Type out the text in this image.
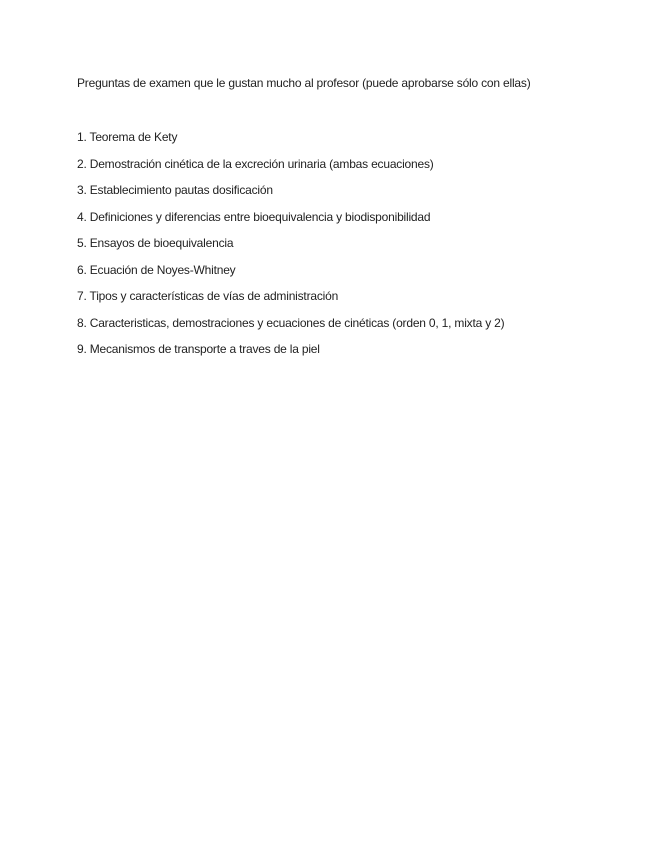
Preguntas de examen que le gustan mucho al profesor (puede aprobarse sólo con ellas)
1. Teorema de Kety
2. Demostración cinética de la excreción urinaria (ambas ecuaciones)
3. Establecimiento pautas dosificación
4. Definiciones y diferencias entre bioequivalencia y biodisponibilidad
5. Ensayos de bioequivalencia
6. Ecuación de Noyes-Whitney
7. Tipos y características de vías de administración
8. Caracteristicas, demostraciones y ecuaciones de cinéticas (orden 0, 1, mixta y 2)
9. Mecanismos de transporte a traves de la piel
